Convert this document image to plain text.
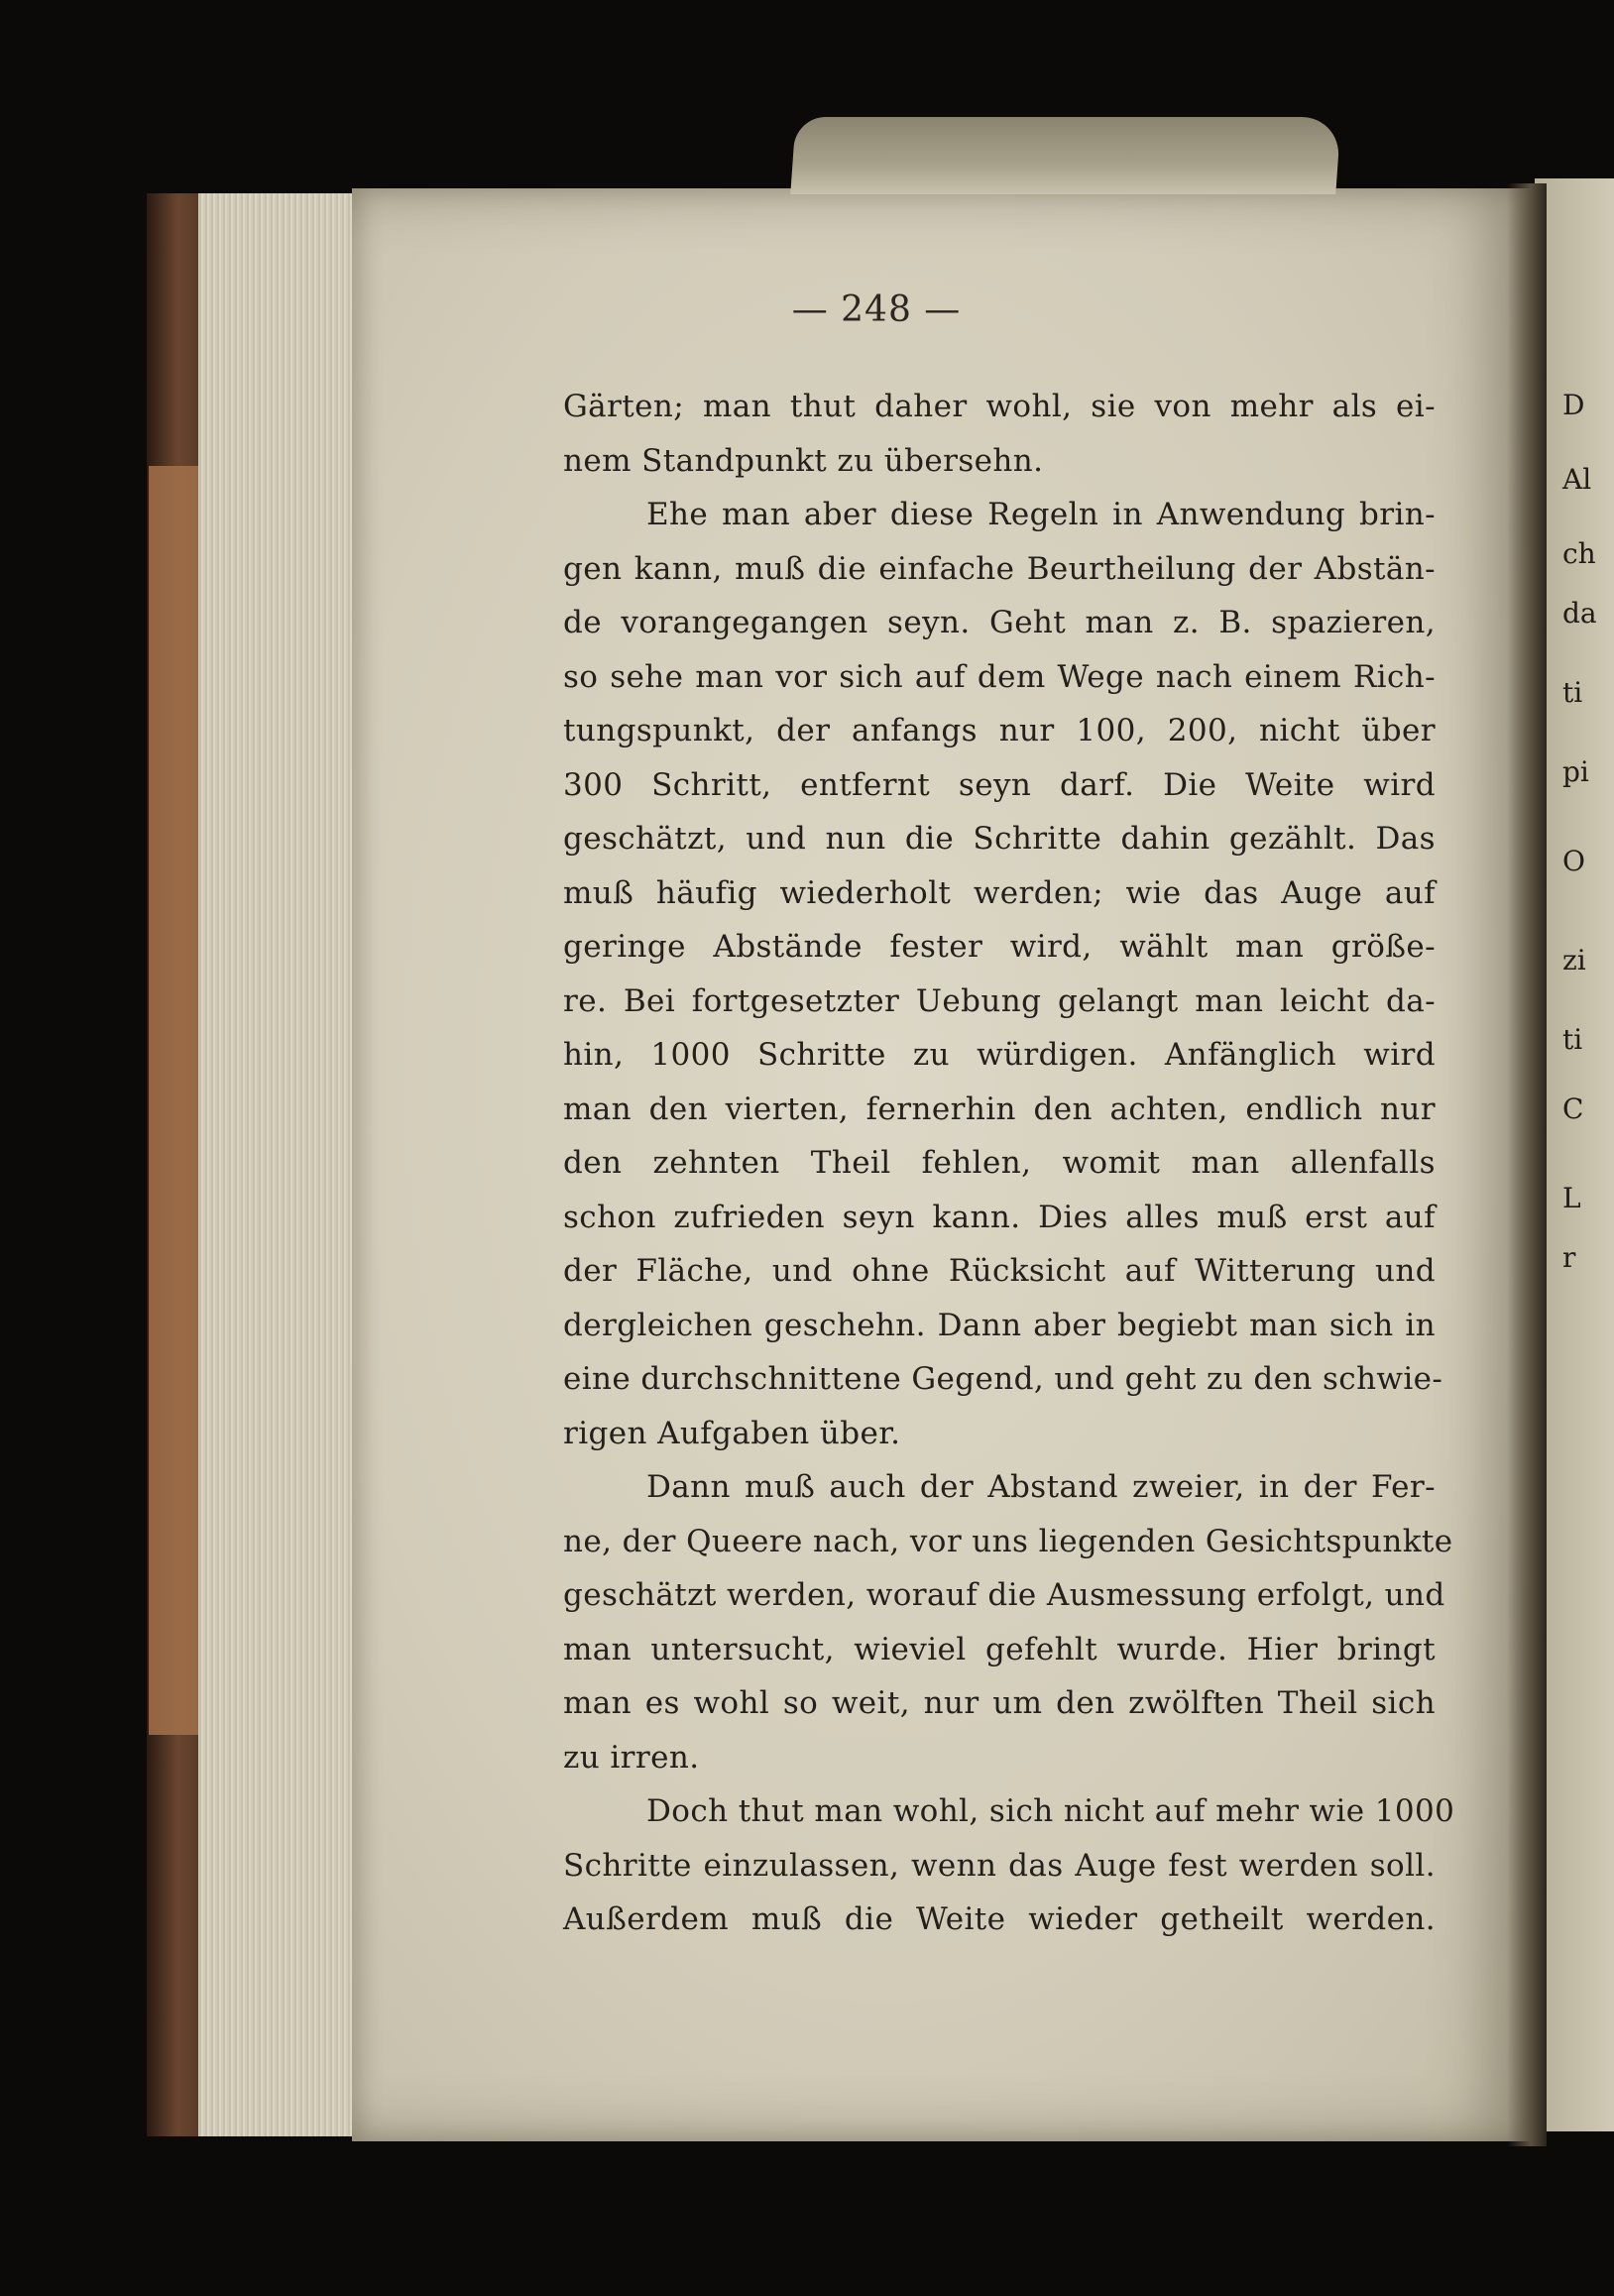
— 248 —
Gärten; man thut daher wohl, sie von mehr als ei-
nem Standpunkt zu übersehn.
Ehe man aber diese Regeln in Anwendung brin-
gen kann, muß die einfache Beurtheilung der Abstän-
de vorangegangen seyn. Geht man z. B. spazieren,
so sehe man vor sich auf dem Wege nach einem Rich-
tungspunkt, der anfangs nur 100, 200, nicht über
300 Schritt, entfernt seyn darf. Die Weite wird
geschätzt, und nun die Schritte dahin gezählt. Das
muß häufig wiederholt werden; wie das Auge auf
geringe Abstände fester wird, wählt man größe-
re. Bei fortgesetzter Uebung gelangt man leicht da-
hin, 1000 Schritte zu würdigen. Anfänglich wird
man den vierten, fernerhin den achten, endlich nur
den zehnten Theil fehlen, womit man allenfalls
schon zufrieden seyn kann. Dies alles muß erst auf
der Fläche, und ohne Rücksicht auf Witterung und
dergleichen geschehn. Dann aber begiebt man sich in
eine durchschnittene Gegend, und geht zu den schwie-
rigen Aufgaben über.
Dann muß auch der Abstand zweier, in der Fer-
ne, der Queere nach, vor uns liegenden Gesichtspunkte
geschätzt werden, worauf die Ausmessung erfolgt, und
man untersucht, wieviel gefehlt wurde. Hier bringt
man es wohl so weit, nur um den zwölften Theil sich
zu irren.
Doch thut man wohl, sich nicht auf mehr wie 1000
Schritte einzulassen, wenn das Auge fest werden soll.
Außerdem muß die Weite wieder getheilt werden.
D
Al
ch
da
ti
pi
O
zi
ti
C
L
r
